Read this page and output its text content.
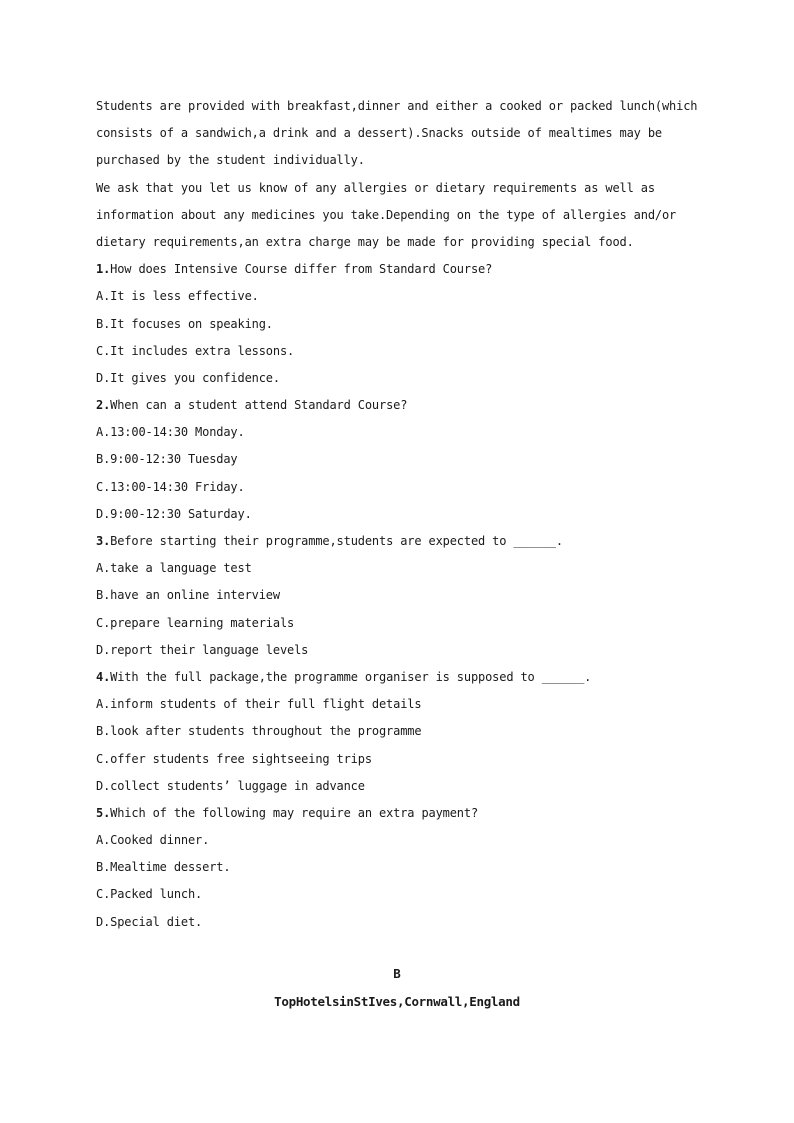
Students are provided with breakfast,dinner and either a cooked or packed lunch(which
consists of a sandwich,a drink and a dessert).Snacks outside of mealtimes may be
purchased by the student individually.
We ask that you let us know of any allergies or dietary requirements as well as
information about any medicines you take.Depending on the type of allergies and/or
dietary requirements,an extra charge may be made for providing special food.
1.How does Intensive Course differ from Standard Course?
A.It is less effective.
B.It focuses on speaking.
C.It includes extra lessons.
D.It gives you confidence.
2.When can a student attend Standard Course?
A.13:00-14:30 Monday.
B.9:00-12:30 Tuesday
C.13:00-14:30 Friday.
D.9:00-12:30 Saturday.
3.Before starting their programme,students are expected to ______.
A.take a language test
B.have an online interview
C.prepare learning materials
D.report their language levels
4.With the full package,the programme organiser is supposed to ______.
A.inform students of their full flight details
B.look after students throughout the programme
C.offer students free sightseeing trips
D.collect students’ luggage in advance
5.Which of the following may require an extra payment?
A.Cooked dinner.
B.Mealtime dessert.
C.Packed lunch.
D.Special diet.
B
TopHotelsinStIves,Cornwall,England
